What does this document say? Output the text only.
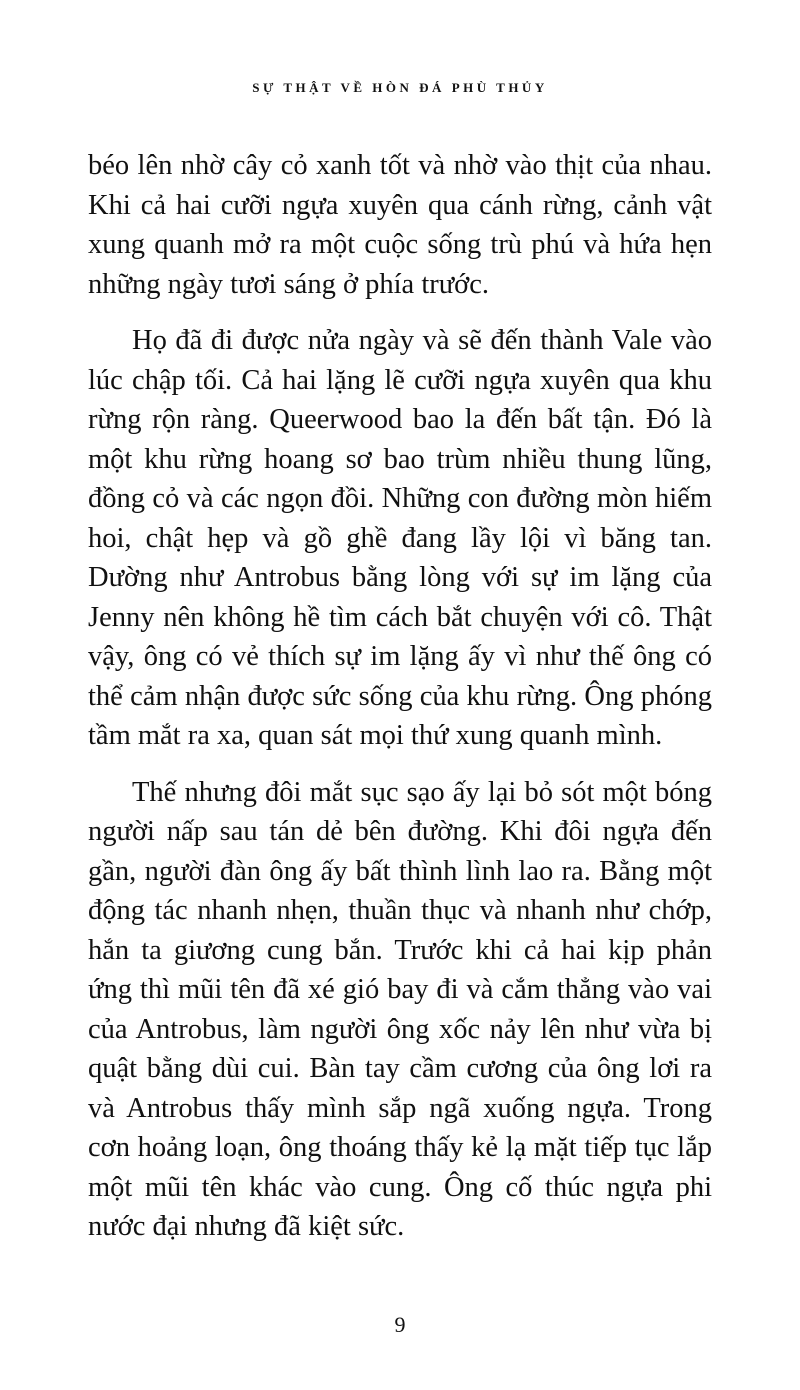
SỰ THẬT VỀ HÒN ĐÁ PHÙ THỦY

béo lên nhờ cây cỏ xanh tốt và nhờ vào thịt của nhau. Khi cả hai cưỡi ngựa xuyên qua cánh rừng, cảnh vật xung quanh mở ra một cuộc sống trù phú và hứa hẹn những ngày tươi sáng ở phía trước.

Họ đã đi được nửa ngày và sẽ đến thành Vale vào lúc chập tối. Cả hai lặng lẽ cưỡi ngựa xuyên qua khu rừng rộn ràng. Queerwood bao la đến bất tận. Đó là một khu rừng hoang sơ bao trùm nhiều thung lũng, đồng cỏ và các ngọn đồi. Những con đường mòn hiếm hoi, chật hẹp và gồ ghề đang lầy lội vì băng tan. Dường như Antrobus bằng lòng với sự im lặng của Jenny nên không hề tìm cách bắt chuyện với cô. Thật vậy, ông có vẻ thích sự im lặng ấy vì như thế ông có thể cảm nhận được sức sống của khu rừng. Ông phóng tầm mắt ra xa, quan sát mọi thứ xung quanh mình.

Thế nhưng đôi mắt sục sạo ấy lại bỏ sót một bóng người nấp sau tán dẻ bên đường. Khi đôi ngựa đến gần, người đàn ông ấy bất thình lình lao ra. Bằng một động tác nhanh nhẹn, thuần thục và nhanh như chớp, hắn ta giương cung bắn. Trước khi cả hai kịp phản ứng thì mũi tên đã xé gió bay đi và cắm thẳng vào vai của Antrobus, làm người ông xốc nảy lên như vừa bị quật bằng dùi cui. Bàn tay cầm cương của ông lơi ra và Antrobus thấy mình sắp ngã xuống ngựa. Trong cơn hoảng loạn, ông thoáng thấy kẻ lạ mặt tiếp tục lắp một mũi tên khác vào cung. Ông cố thúc ngựa phi nước đại nhưng đã kiệt sức.

9
